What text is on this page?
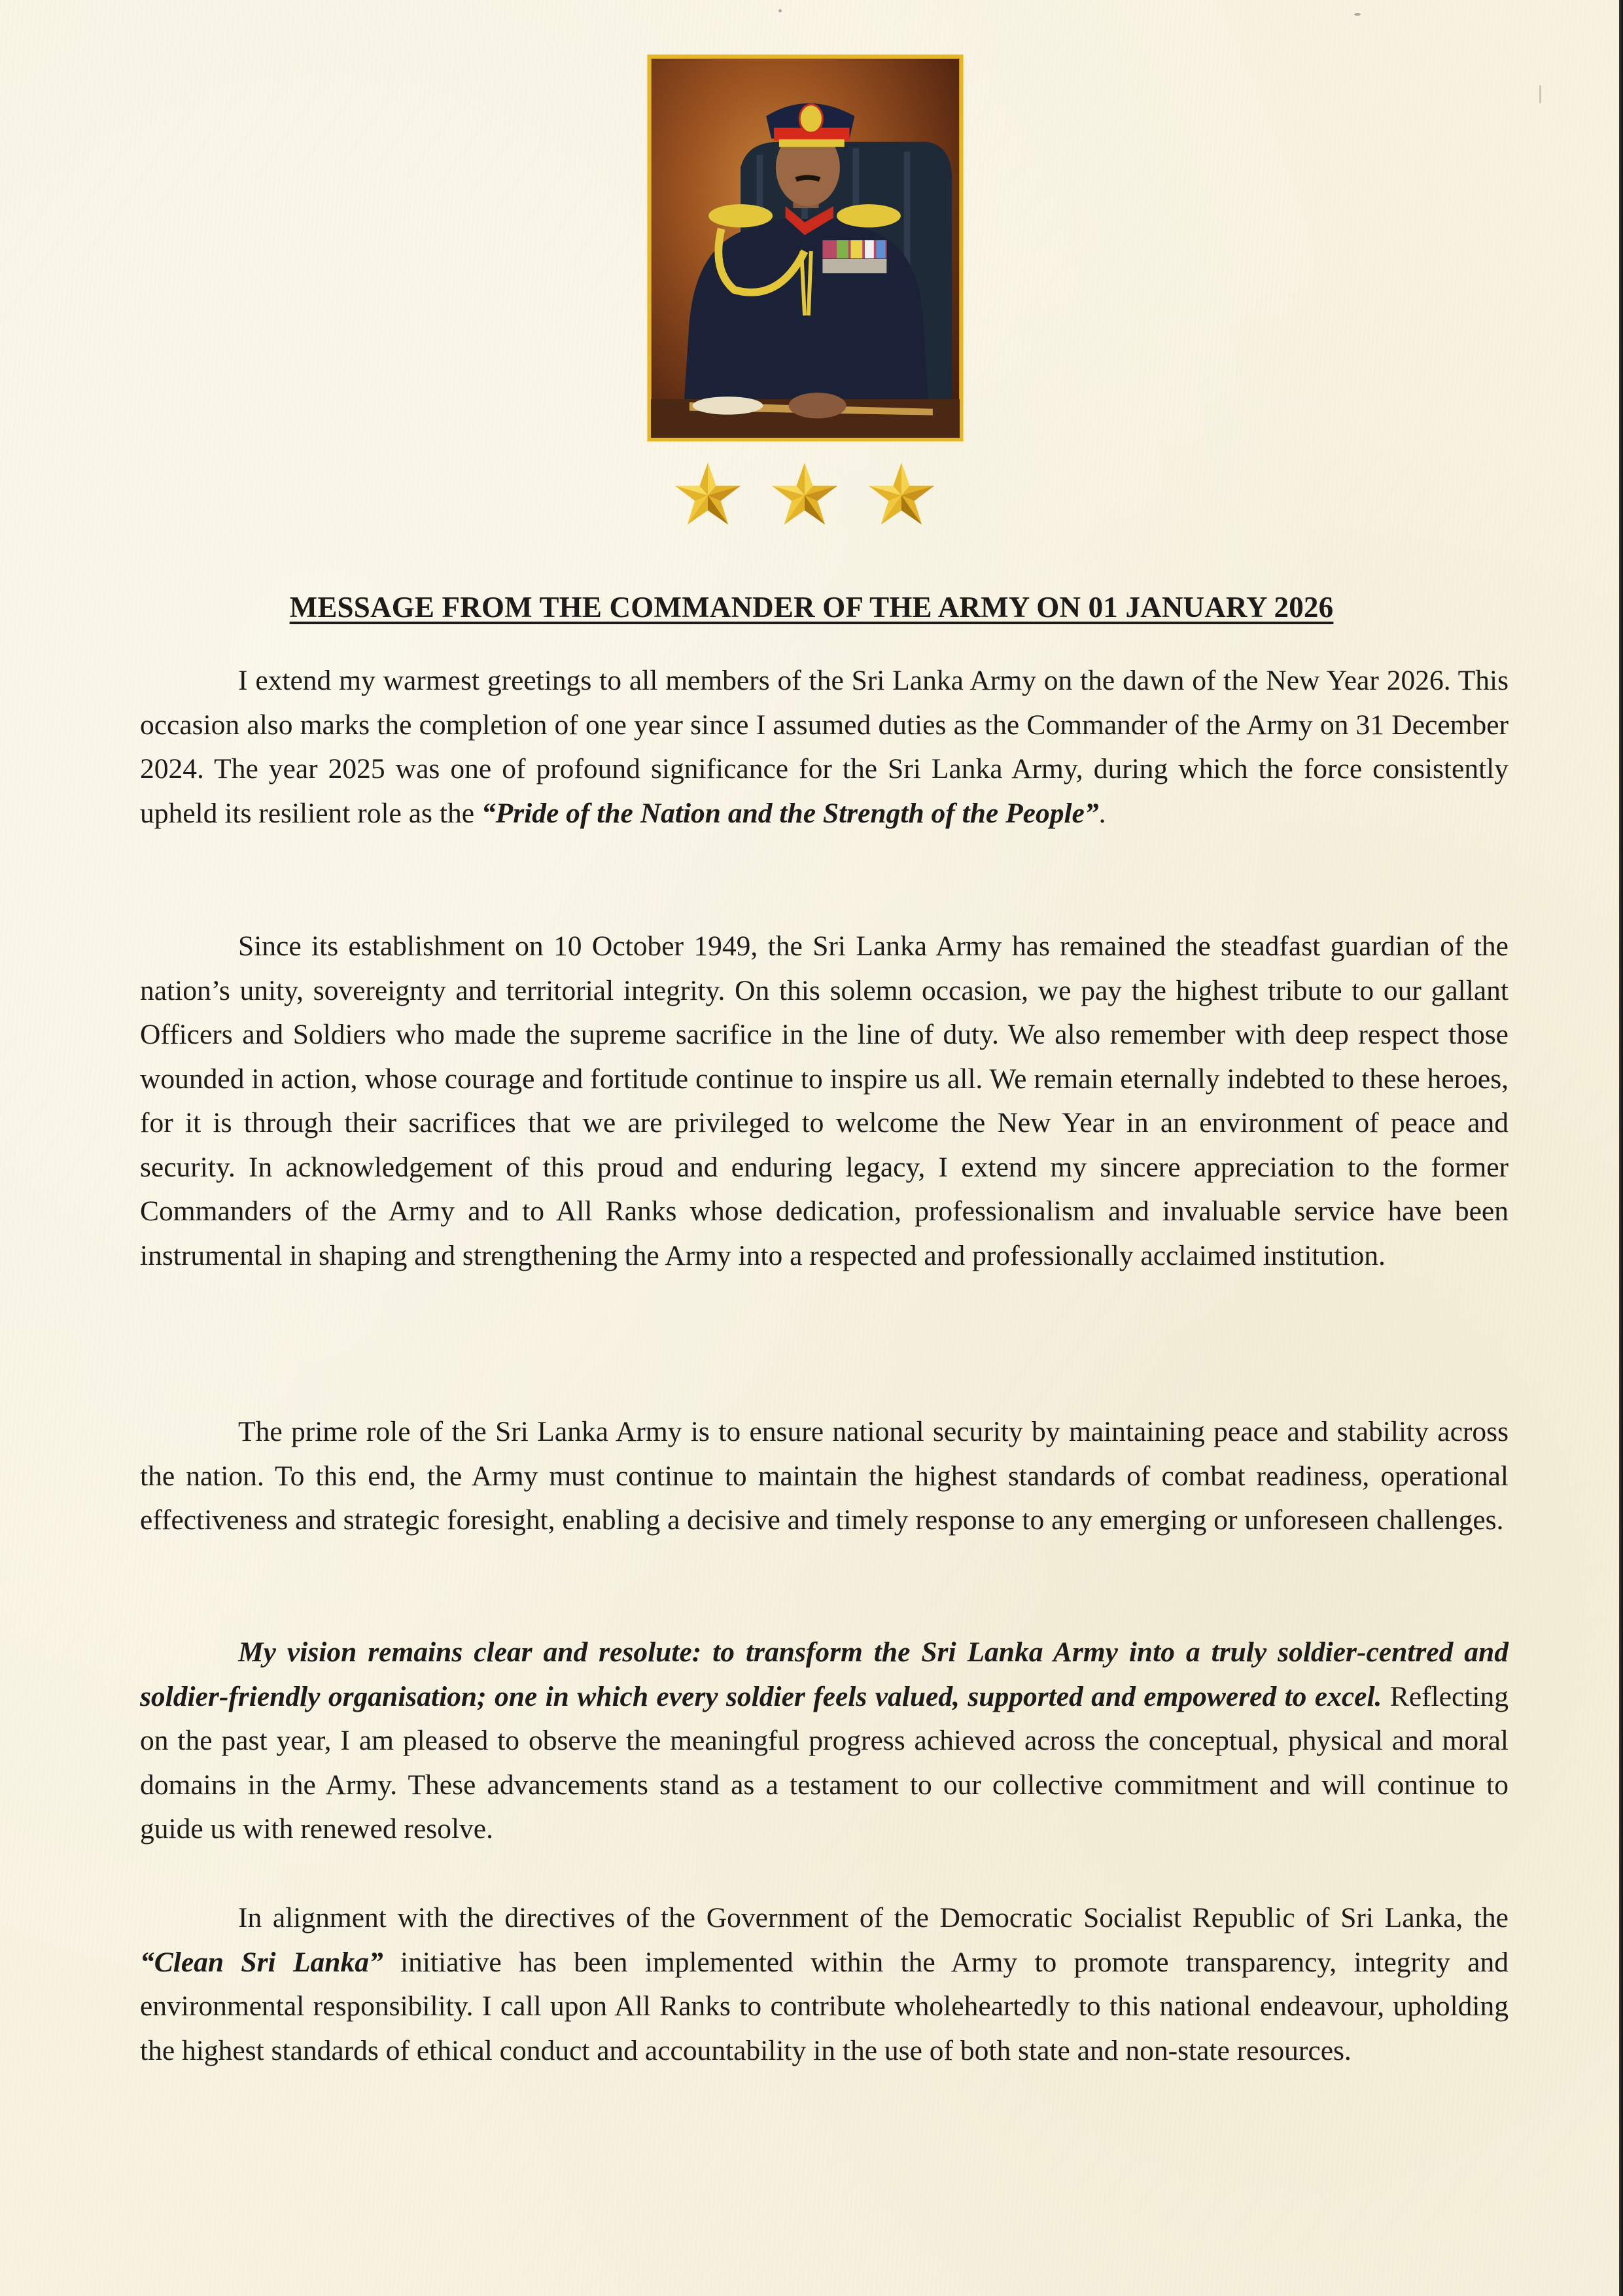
MESSAGE FROM THE COMMANDER OF THE ARMY ON 01 JANUARY 2026

I extend my warmest greetings to all members of the Sri Lanka Army on the dawn of the New Year 2026. This occasion also marks the completion of one year since I assumed duties as the Commander of the Army on 31 December 2024. The year 2025 was one of profound significance for the Sri Lanka Army, during which the force consistently upheld its resilient role as the “Pride of the Nation and the Strength of the People”.

Since its establishment on 10 October 1949, the Sri Lanka Army has remained the steadfast guardian of the nation’s unity, sovereignty and territorial integrity. On this solemn occasion, we pay the highest tribute to our gallant Officers and Soldiers who made the supreme sacrifice in the line of duty. We also remember with deep respect those wounded in action, whose courage and fortitude continue to inspire us all. We remain eternally indebted to these heroes, for it is through their sacrifices that we are privileged to welcome the New Year in an environment of peace and security. In acknowledgement of this proud and enduring legacy, I extend my sincere appreciation to the former Commanders of the Army and to All Ranks whose dedication, professionalism and invaluable service have been instrumental in shaping and strengthening the Army into a respected and professionally acclaimed institution.

The prime role of the Sri Lanka Army is to ensure national security by maintaining peace and stability across the nation. To this end, the Army must continue to maintain the highest standards of combat readiness, operational effectiveness and strategic foresight, enabling a decisive and timely response to any emerging or unforeseen challenges.

My vision remains clear and resolute: to transform the Sri Lanka Army into a truly soldier-centred and soldier-friendly organisation; one in which every soldier feels valued, supported and empowered to excel. Reflecting on the past year, I am pleased to observe the meaningful progress achieved across the conceptual, physical and moral domains in the Army. These advancements stand as a testament to our collective commitment and will continue to guide us with renewed resolve.

In alignment with the directives of the Government of the Democratic Socialist Republic of Sri Lanka, the “Clean Sri Lanka” initiative has been implemented within the Army to promote transparency, integrity and environmental responsibility. I call upon All Ranks to contribute wholeheartedly to this national endeavour, upholding the highest standards of ethical conduct and accountability in the use of both state and non-state resources.
